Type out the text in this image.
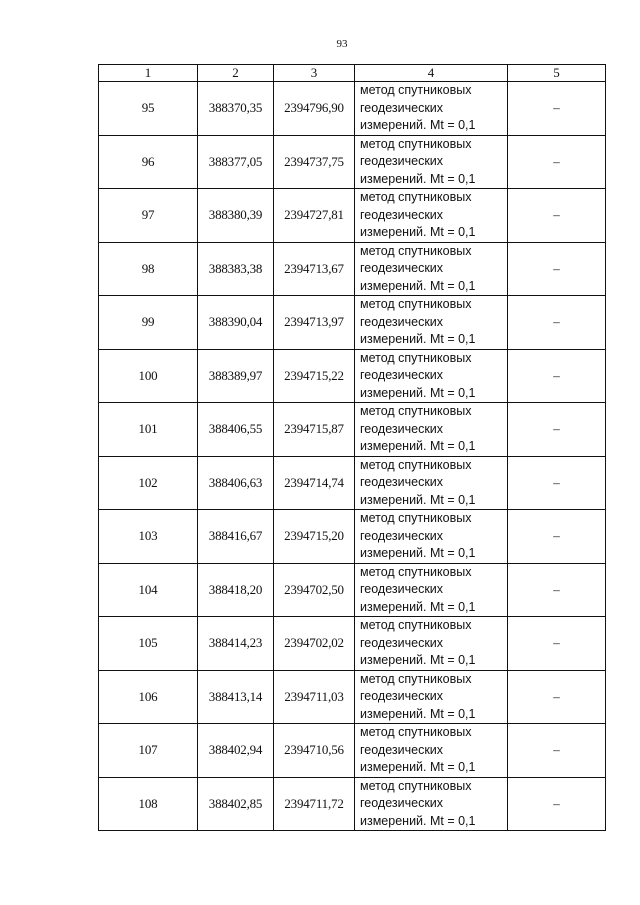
93
1	2	3	4	5
95	388370,35	2394796,90	метод спутниковых
геодезических
измерений. Mt = 0,1	–
96	388377,05	2394737,75	метод спутниковых
геодезических
измерений. Mt = 0,1	–
97	388380,39	2394727,81	метод спутниковых
геодезических
измерений. Mt = 0,1	–
98	388383,38	2394713,67	метод спутниковых
геодезических
измерений. Mt = 0,1	–
99	388390,04	2394713,97	метод спутниковых
геодезических
измерений. Mt = 0,1	–
100	388389,97	2394715,22	метод спутниковых
геодезических
измерений. Mt = 0,1	–
101	388406,55	2394715,87	метод спутниковых
геодезических
измерений. Mt = 0,1	–
102	388406,63	2394714,74	метод спутниковых
геодезических
измерений. Mt = 0,1	–
103	388416,67	2394715,20	метод спутниковых
геодезических
измерений. Mt = 0,1	–
104	388418,20	2394702,50	метод спутниковых
геодезических
измерений. Mt = 0,1	–
105	388414,23	2394702,02	метод спутниковых
геодезических
измерений. Mt = 0,1	–
106	388413,14	2394711,03	метод спутниковых
геодезических
измерений. Mt = 0,1	–
107	388402,94	2394710,56	метод спутниковых
геодезических
измерений. Mt = 0,1	–
108	388402,85	2394711,72	метод спутниковых
геодезических
измерений. Mt = 0,1	–
